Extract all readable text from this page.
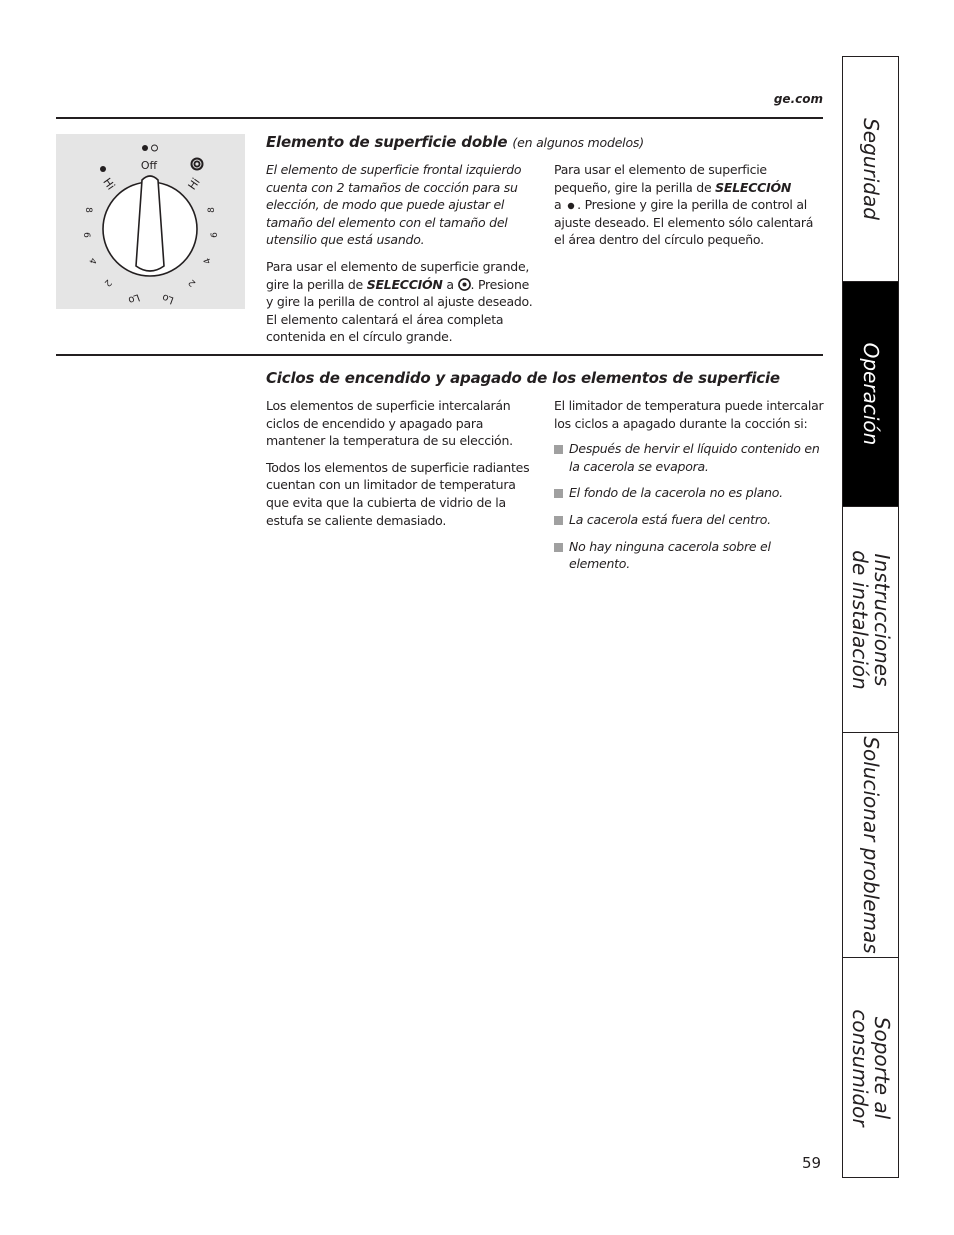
ge.com
Off
Hi	Hi
8
6
4
2
8
6
4
2
Lo Lo
Elemento de superficie doble (en algunos modelos)
El elemento de superficie frontal izquierdo cuenta con 2 tamaños de cocción para su elección, de modo que puede ajustar el tamaño del elemento con el tamaño del utensilio que está usando.
Para usar el elemento de superficie grande, gire la perilla de SELECCIÓN a . Presione y gire la perilla de control al ajuste deseado. El elemento calentará el área completa contenida en el círculo grande.
Para usar el elemento de superficie pequeño, gire la perilla de SELECCIÓN
a . Presione y gire la perilla de control al ajuste deseado. El elemento sólo calentará el área dentro del círculo pequeño.
Ciclos de encendido y apagado de los elementos de superficie
Los elementos de superficie intercalarán ciclos de encendido y apagado para mantener la temperatura de su elección.
Todos los elementos de superficie radiantes cuentan con un limitador de temperatura que evita que la cubierta de vidrio de la estufa se caliente demasiado.
El limitador de temperatura puede intercalar los ciclos a apagado durante la cocción si:
Después de hervir el líquido contenido en la cacerola se evapora.
El fondo de la cacerola no es plano.
La cacerola está fuera del centro.
No hay ninguna cacerola sobre el elemento.
Seguridad
Operación
Instrucciones
de instalación
Solucionar problemas
Soporte al
consumidor
59
